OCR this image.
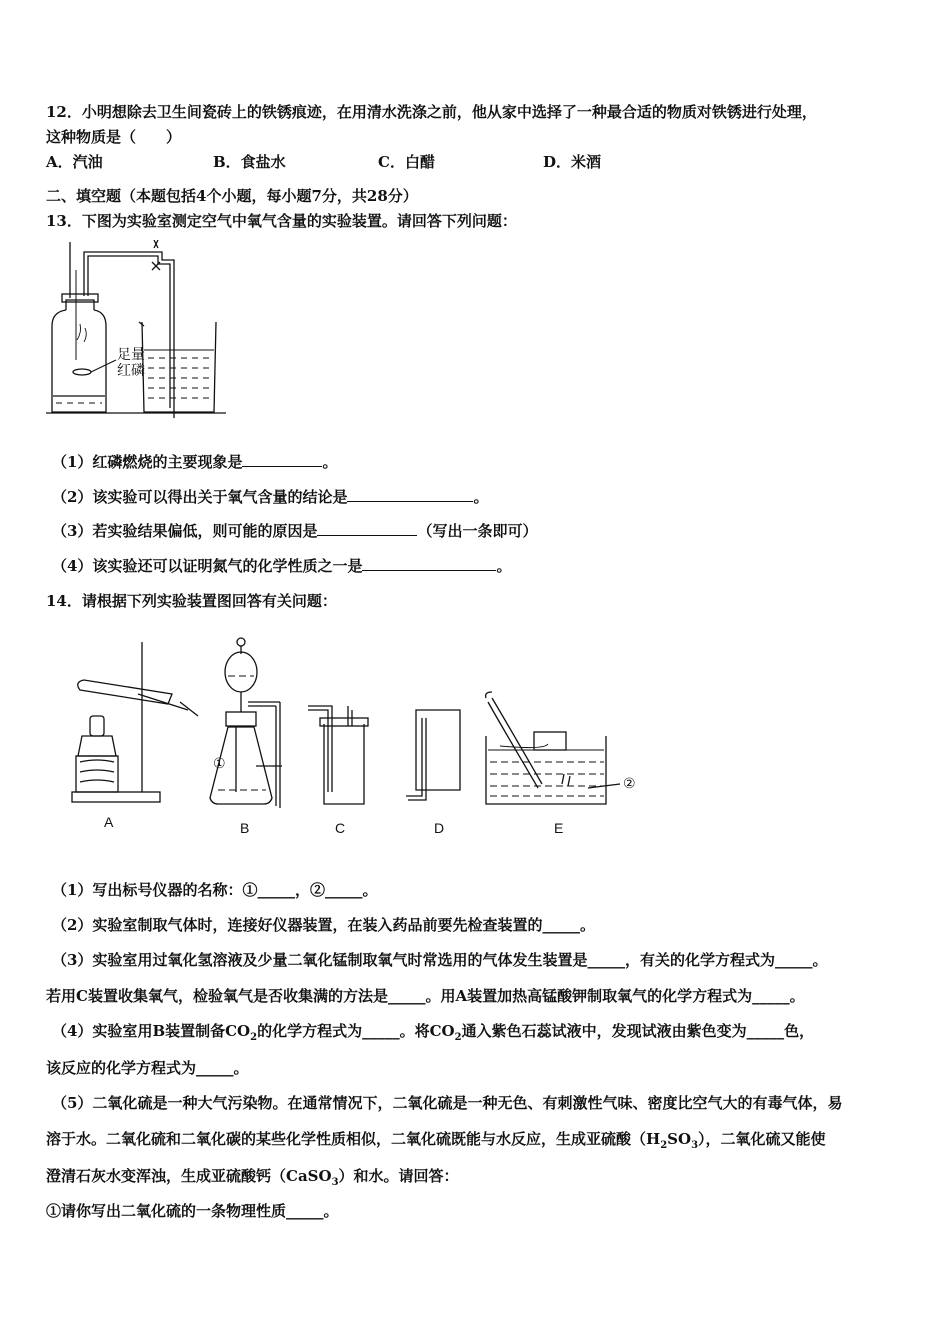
12．小明想除去卫生间瓷砖上的铁锈痕迹，在用清水洗涤之前，他从家中选择了一种最合适的物质对铁锈进行处理，
这种物质是（　　）
A．汽油	B．食盐水	C．白醋	D．米酒
二、填空题（本题包括4个小题，每小题7分，共28分）
13．下图为实验室测定空气中氧气含量的实验装置。请回答下列问题：
足量
红磷
（1）红磷燃烧的主要现象是	。
（2）该实验可以得出关于氧气含量的结论是	。
（3）若实验结果偏低，则可能的原因是	（写出一条即可）
（4）该实验还可以证明氮气的化学性质之一是	。
14．请根据下列实验装置图回答有关问题：
①
②
A	B	C	D	E
（1）写出标号仪器的名称：①_____，②_____。
（2）实验室制取气体时，连接好仪器装置，在装入药品前要先检查装置的_____。
（3）实验室用过氧化氢溶液及少量二氧化锰制取氧气时常选用的气体发生装置是_____，有关的化学方程式为_____。
若用C装置收集氧气，检验氧气是否收集满的方法是_____。用A装置加热高锰酸钾制取氧气的化学方程式为_____。
（4）实验室用B装置制备$CO_2$的化学方程式为_____。将$CO_2$通入紫色石蕊试液中，发现试液由紫色变为_____色，
该反应的化学方程式为_____。
（5）二氧化硫是一种大气污染物。在通常情况下，二氧化硫是一种无色、有刺激性气味、密度比空气大的有毒气体，易
溶于水。二氧化硫和二氧化碳的某些化学性质相似，二氧化硫既能与水反应，生成亚硫酸$(H_2SO_3)$，二氧化硫又能使
澄清石灰水变浑浊，生成亚硫酸钙（CaSO$_3$）和水。请回答：
①请你写出二氧化硫的一条物理性质_____。
